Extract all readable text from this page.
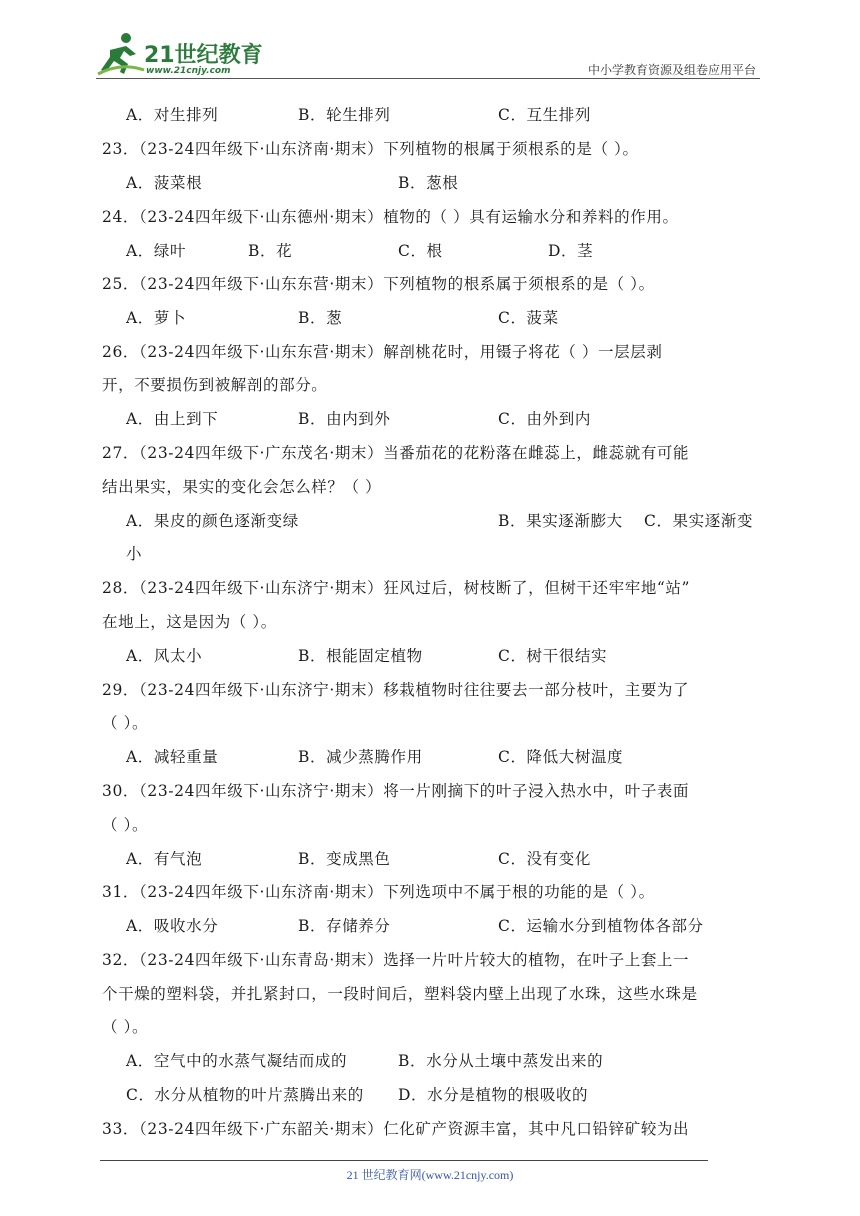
21世纪教育
www.21cnjy.com	中小学教育资源及组卷应用平台
A．对生排列	B．轮生排列	C．互生排列
23．（23-24四年级下·山东济南·期末）下列植物的根属于须根系的是（ ）。
A．菠菜根	B．葱根
24．（23-24四年级下·山东德州·期末）植物的（ ）具有运输水分和养料的作用。
A．绿叶	B．花	C．根	D．茎
25．（23-24四年级下·山东东营·期末）下列植物的根系属于须根系的是（ ）。
A．萝卜	B．葱	C．菠菜
26．（23-24四年级下·山东东营·期末）解剖桃花时，用镊子将花（ ）一层层剥
开，不要损伤到被解剖的部分。
A．由上到下	B．由内到外	C．由外到内
27．（23-24四年级下·广东茂名·期末）当番茄花的花粉落在雌蕊上，雌蕊就有可能
结出果实，果实的变化会怎么样？（ ）
A．果皮的颜色逐渐变绿	B．果实逐渐膨大 C．果实逐渐变
小
28．（23-24四年级下·山东济宁·期末）狂风过后，树枝断了，但树干还牢牢地“站”
在地上，这是因为（ ）。
A．风太小	B．根能固定植物	C．树干很结实
29．（23-24四年级下·山东济宁·期末）移栽植物时往往要去一部分枝叶，主要为了
（ ）。
A．减轻重量	B．减少蒸腾作用	C．降低大树温度
30．（23-24四年级下·山东济宁·期末）将一片刚摘下的叶子浸入热水中，叶子表面
（ ）。
A．有气泡	B．变成黑色	C．没有变化
31．（23-24四年级下·山东济南·期末）下列选项中不属于根的功能的是（ ）。
A．吸收水分	B．存储养分	C．运输水分到植物体各部分
32．（23-24四年级下·山东青岛·期末）选择一片叶片较大的植物，在叶子上套上一
个干燥的塑料袋，并扎紧封口，一段时间后，塑料袋内壁上出现了水珠，这些水珠是
（ ）。
A．空气中的水蒸气凝结而成的	B．水分从土壤中蒸发出来的
C．水分从植物的叶片蒸腾出来的 D．水分是植物的根吸收的
33．（23-24四年级下·广东韶关·期末）仁化矿产资源丰富，其中凡口铅锌矿较为出
21 世纪教育网(www.21cnjy.com)
